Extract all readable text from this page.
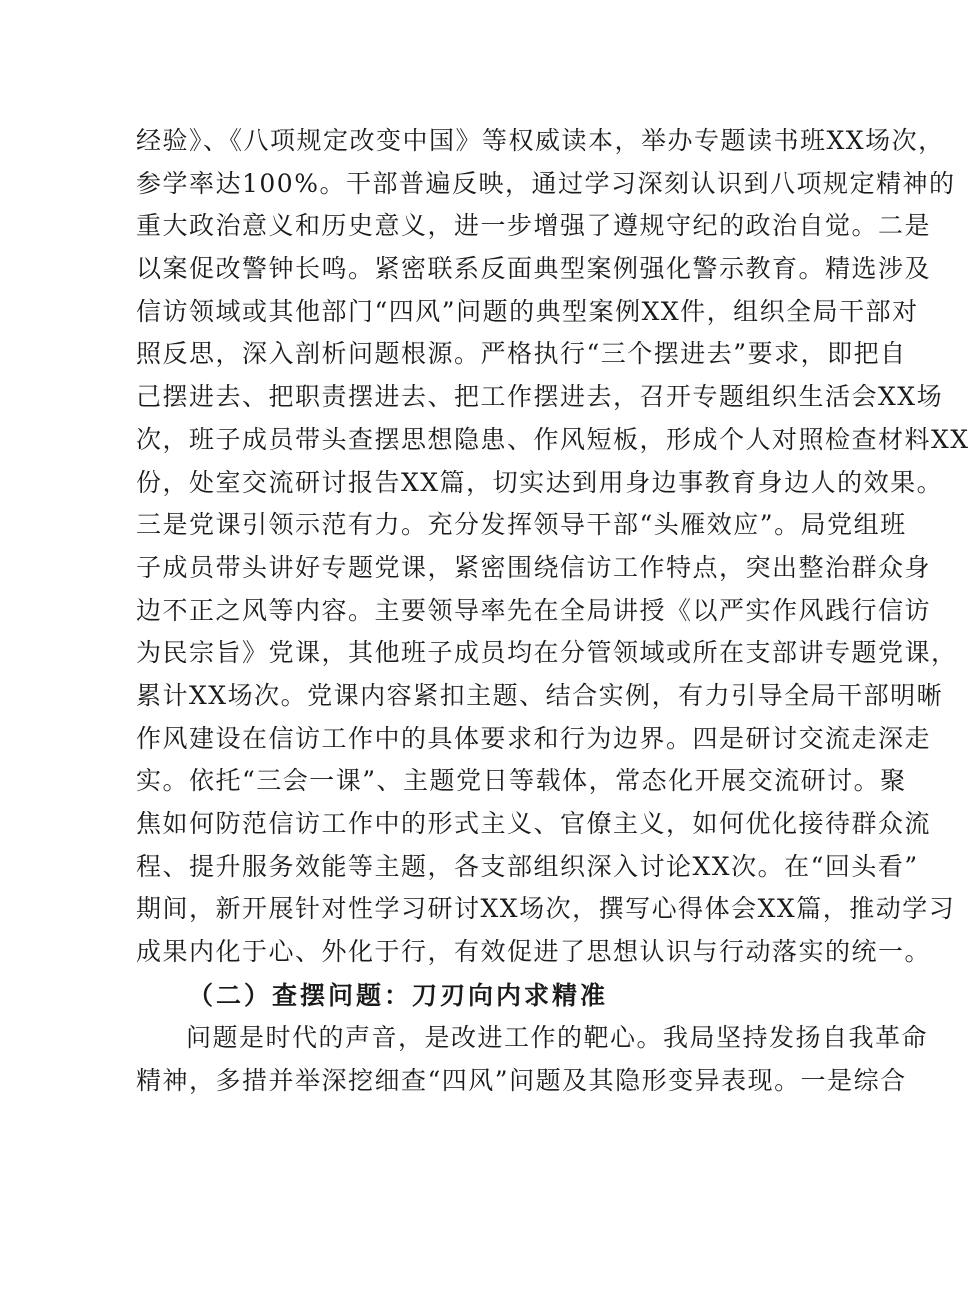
经验》、《八项规定改变中国》等权威读本，举办专题读书班XX场次，
参学率达100%。干部普遍反映，通过学习深刻认识到八项规定精神的
重大政治意义和历史意义，进一步增强了遵规守纪的政治自觉。二是
以案促改警钟长鸣。紧密联系反面典型案例强化警示教育。精选涉及
信访领域或其他部门“四风”问题的典型案例XX件，组织全局干部对
照反思，深入剖析问题根源。严格执行“三个摆进去”要求，即把自
己摆进去、把职责摆进去、把工作摆进去，召开专题组织生活会XX场
次，班子成员带头查摆思想隐患、作风短板，形成个人对照检查材料XX
份，处室交流研讨报告XX篇，切实达到用身边事教育身边人的效果。
三是党课引领示范有力。充分发挥领导干部“头雁效应”。局党组班
子成员带头讲好专题党课，紧密围绕信访工作特点，突出整治群众身
边不正之风等内容。主要领导率先在全局讲授《以严实作风践行信访
为民宗旨》党课，其他班子成员均在分管领域或所在支部讲专题党课，
累计XX场次。党课内容紧扣主题、结合实例，有力引导全局干部明晰
作风建设在信访工作中的具体要求和行为边界。四是研讨交流走深走
实。依托“三会一课”、主题党日等载体，常态化开展交流研讨。聚
焦如何防范信访工作中的形式主义、官僚主义，如何优化接待群众流
程、提升服务效能等主题，各支部组织深入讨论XX次。在“回头看”
期间，新开展针对性学习研讨XX场次，撰写心得体会XX篇，推动学习
成果内化于心、外化于行，有效促进了思想认识与行动落实的统一。
（二）查摆问题：刀刃向内求精准
问题是时代的声音，是改进工作的靶心。我局坚持发扬自我革命
精神，多措并举深挖细查“四风”问题及其隐形变异表现。一是综合
